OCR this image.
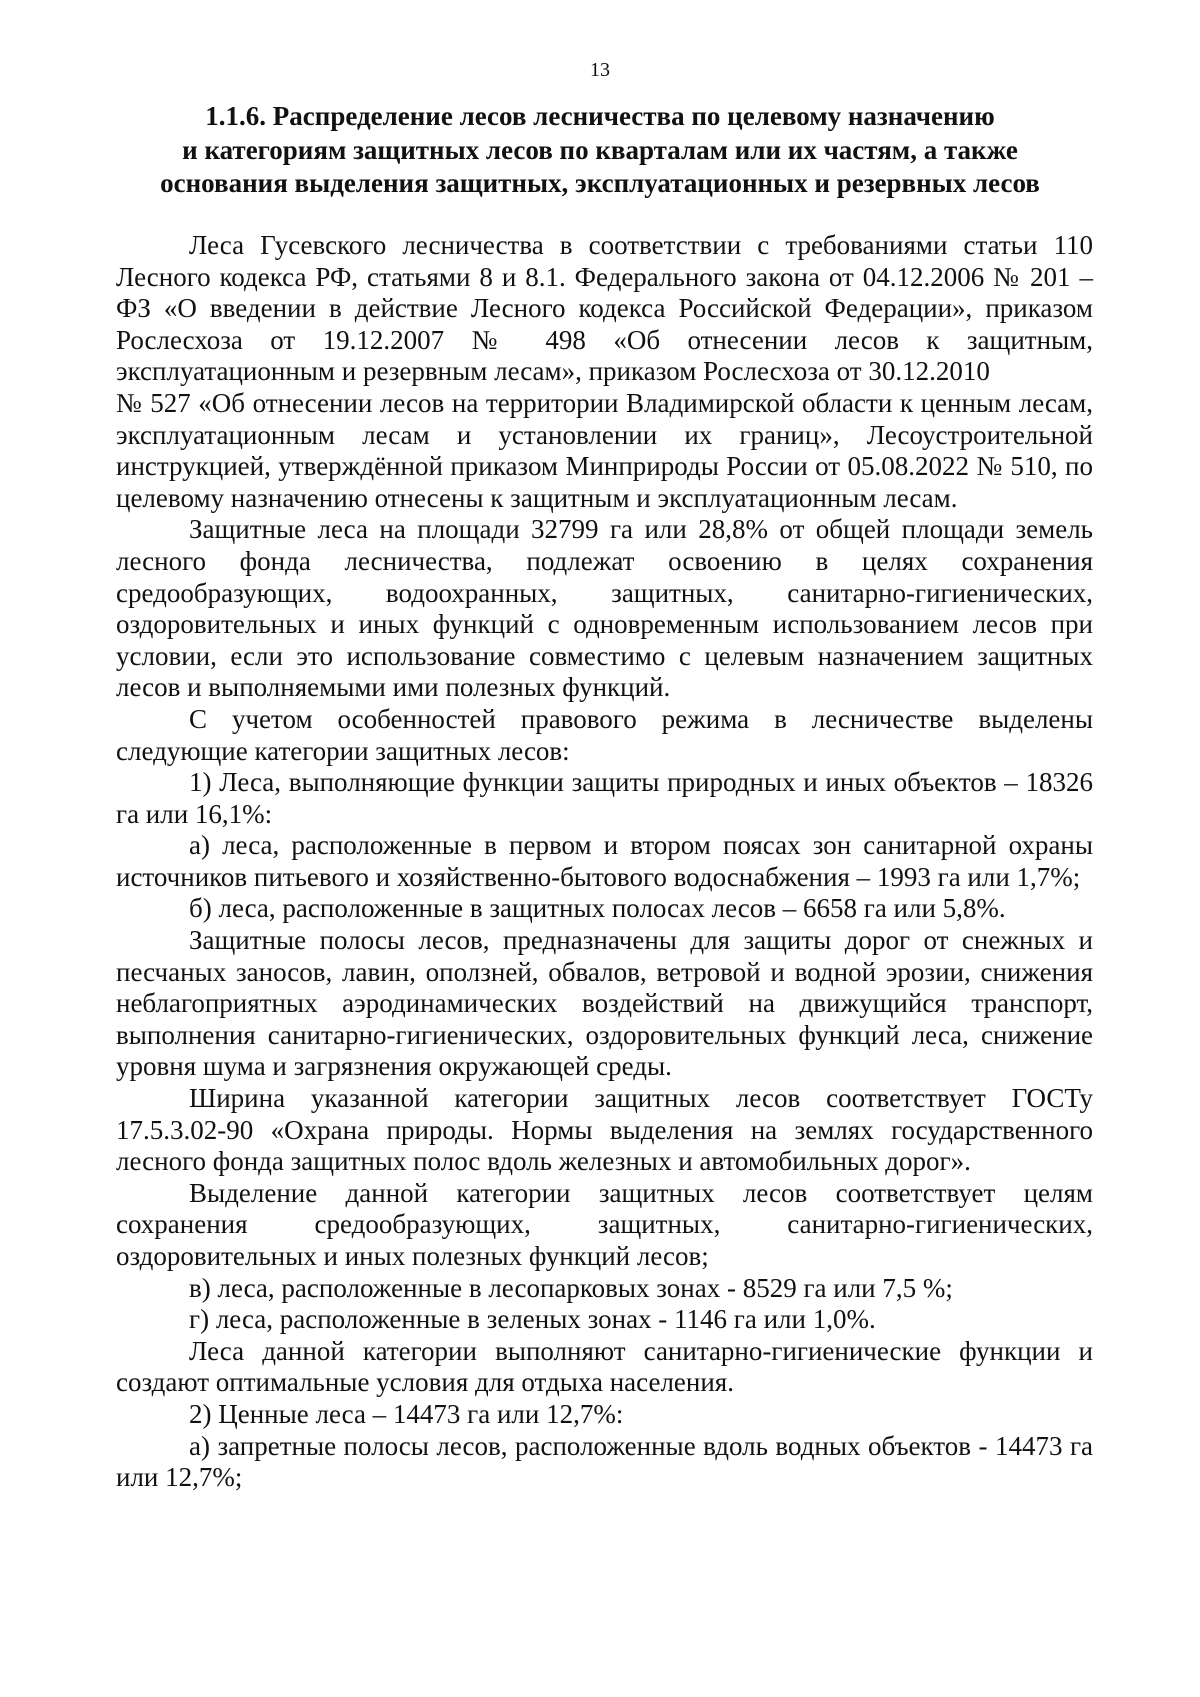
13
1.1.6. Распределение лесов лесничества по целевому назначению
и категориям защитных лесов по кварталам или их частям, а также
основания выделения защитных, эксплуатационных и резервных лесов

Леса Гусевского лесничества в соответствии с требованиями статьи 110 Лесного кодекса РФ, статьями 8 и 8.1. Федерального закона от 04.12.2006 № 201 – ФЗ «О введении в действие Лесного кодекса Российской Федерации», приказом Рослесхоза от 19.12.2007 № 498 «Об отнесении лесов к защитным, эксплуатационным и резервным лесам», приказом Рослесхоза от 30.12.2010

№ 527 «Об отнесении лесов на территории Владимирской области к ценным лесам, эксплуатационным лесам и установлении их границ», Лесоустроительной инструкцией, утверждённой приказом Минприроды России от 05.08.2022 № 510, по целевому назначению отнесены к защитным и эксплуатационным лесам.

Защитные леса на площади 32799 га или 28,8% от общей площади земель лесного фонда лесничества, подлежат освоению в целях сохранения средообразующих, водоохранных, защитных, санитарно-гигиенических, оздоровительных и иных функций с одновременным использованием лесов при условии, если это использование совместимо с целевым назначением защитных лесов и выполняемыми ими полезных функций.

С учетом особенностей правового режима в лесничестве выделены следующие категории защитных лесов:

1) Леса, выполняющие функции защиты природных и иных объектов – 18326 га или 16,1%:

а) леса, расположенные в первом и втором поясах зон санитарной охраны источников питьевого и хозяйственно-бытового водоснабжения – 1993 га или 1,7%;

б) леса, расположенные в защитных полосах лесов – 6658 га или 5,8%.

Защитные полосы лесов, предназначены для защиты дорог от снежных и песчаных заносов, лавин, оползней, обвалов, ветровой и водной эрозии, снижения неблагоприятных аэродинамических воздействий на движущийся транспорт, выполнения санитарно-гигиенических, оздоровительных функций леса, снижение уровня шума и загрязнения окружающей среды.

Ширина указанной категории защитных лесов соответствует ГОСТу 17.5.3.02-90 «Охрана природы. Нормы выделения на землях государственного лесного фонда защитных полос вдоль железных и автомобильных дорог».

Выделение данной категории защитных лесов соответствует целям сохранения средообразующих, защитных, санитарно-гигиенических, оздоровительных и иных полезных функций лесов;

в) леса, расположенные в лесопарковых зонах - 8529 га или 7,5 %;

г) леса, расположенные в зеленых зонах - 1146 га или 1,0%.

Леса данной категории выполняют санитарно-гигиенические функции и создают оптимальные условия для отдыха населения.

2) Ценные леса – 14473 га или 12,7%:

а) запретные полосы лесов, расположенные вдоль водных объектов - 14473 га или 12,7%;
